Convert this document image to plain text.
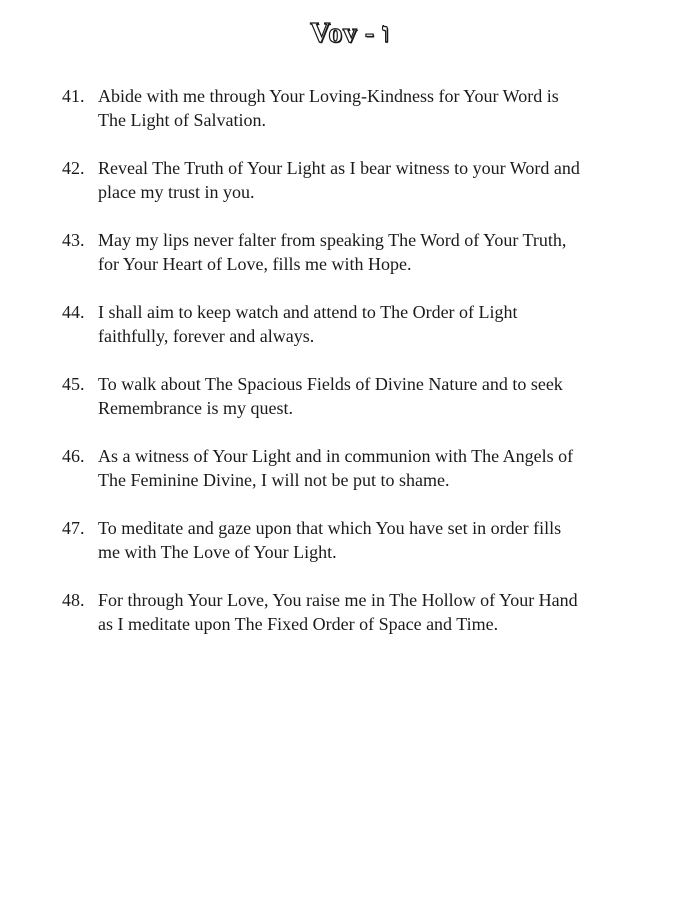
Vov - ו
41. Abide with me through Your Loving-Kindness for Your Word is
The Light of Salvation.
42. Reveal The Truth of Your Light as I bear witness to your Word and
place my trust in you.
43. May my lips never falter from speaking The Word of Your Truth,
for Your Heart of Love, fills me with Hope.
44. I shall aim to keep watch and attend to The Order of Light
faithfully, forever and always.
45. To walk about The Spacious Fields of Divine Nature and to seek
Remembrance is my quest.
46. As a witness of Your Light and in communion with The Angels of
The Feminine Divine, I will not be put to shame.
47. To meditate and gaze upon that which You have set in order fills
me with The Love of Your Light.
48. For through Your Love, You raise me in The Hollow of Your Hand
as I meditate upon The Fixed Order of Space and Time.
